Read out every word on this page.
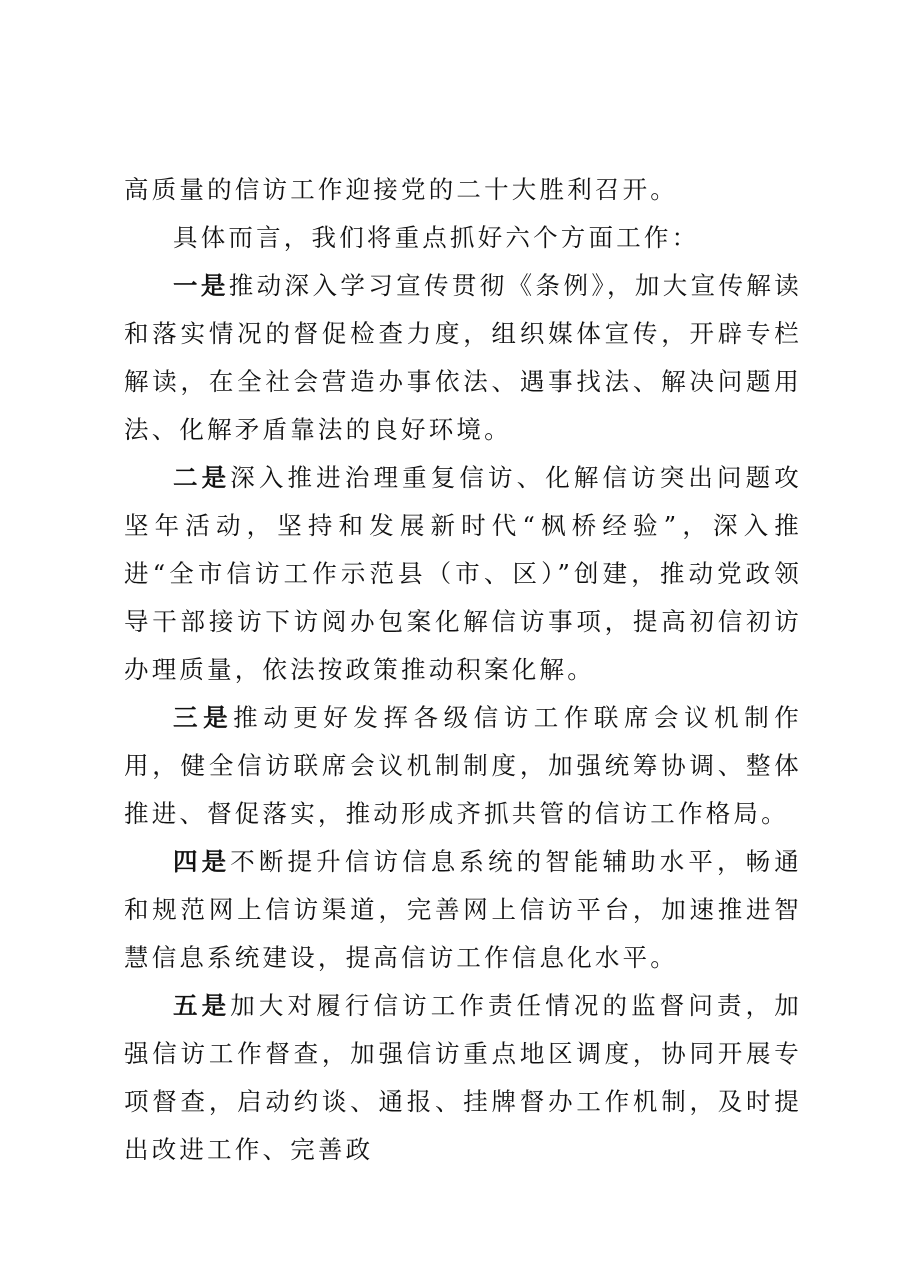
高质量的信访工作迎接党的二十大胜利召开。

具体而言，我们将重点抓好六个方面工作：

一是推动深入学习宣传贯彻《条例》，加大宣传解读和落实情况的督促检查力度，组织媒体宣传，开辟专栏解读，在全社会营造办事依法、遇事找法、解决问题用法、化解矛盾靠法的良好环境。

二是深入推进治理重复信访、化解信访突出问题攻坚年活动，坚持和发展新时代“枫桥经验”，深入推进“全市信访工作示范县（市、区）”创建，推动党政领导干部接访下访阅办包案化解信访事项，提高初信初访办理质量，依法按政策推动积案化解。

三是推动更好发挥各级信访工作联席会议机制作用，健全信访联席会议机制制度，加强统筹协调、整体推进、督促落实，推动形成齐抓共管的信访工作格局。

四是不断提升信访信息系统的智能辅助水平，畅通和规范网上信访渠道，完善网上信访平台，加速推进智慧信息系统建设，提高信访工作信息化水平。

五是加大对履行信访工作责任情况的监督问责，加强信访工作督查，加强信访重点地区调度，协同开展专项督查，启动约谈、通报、挂牌督办工作机制，及时提出改进工作、完善政
